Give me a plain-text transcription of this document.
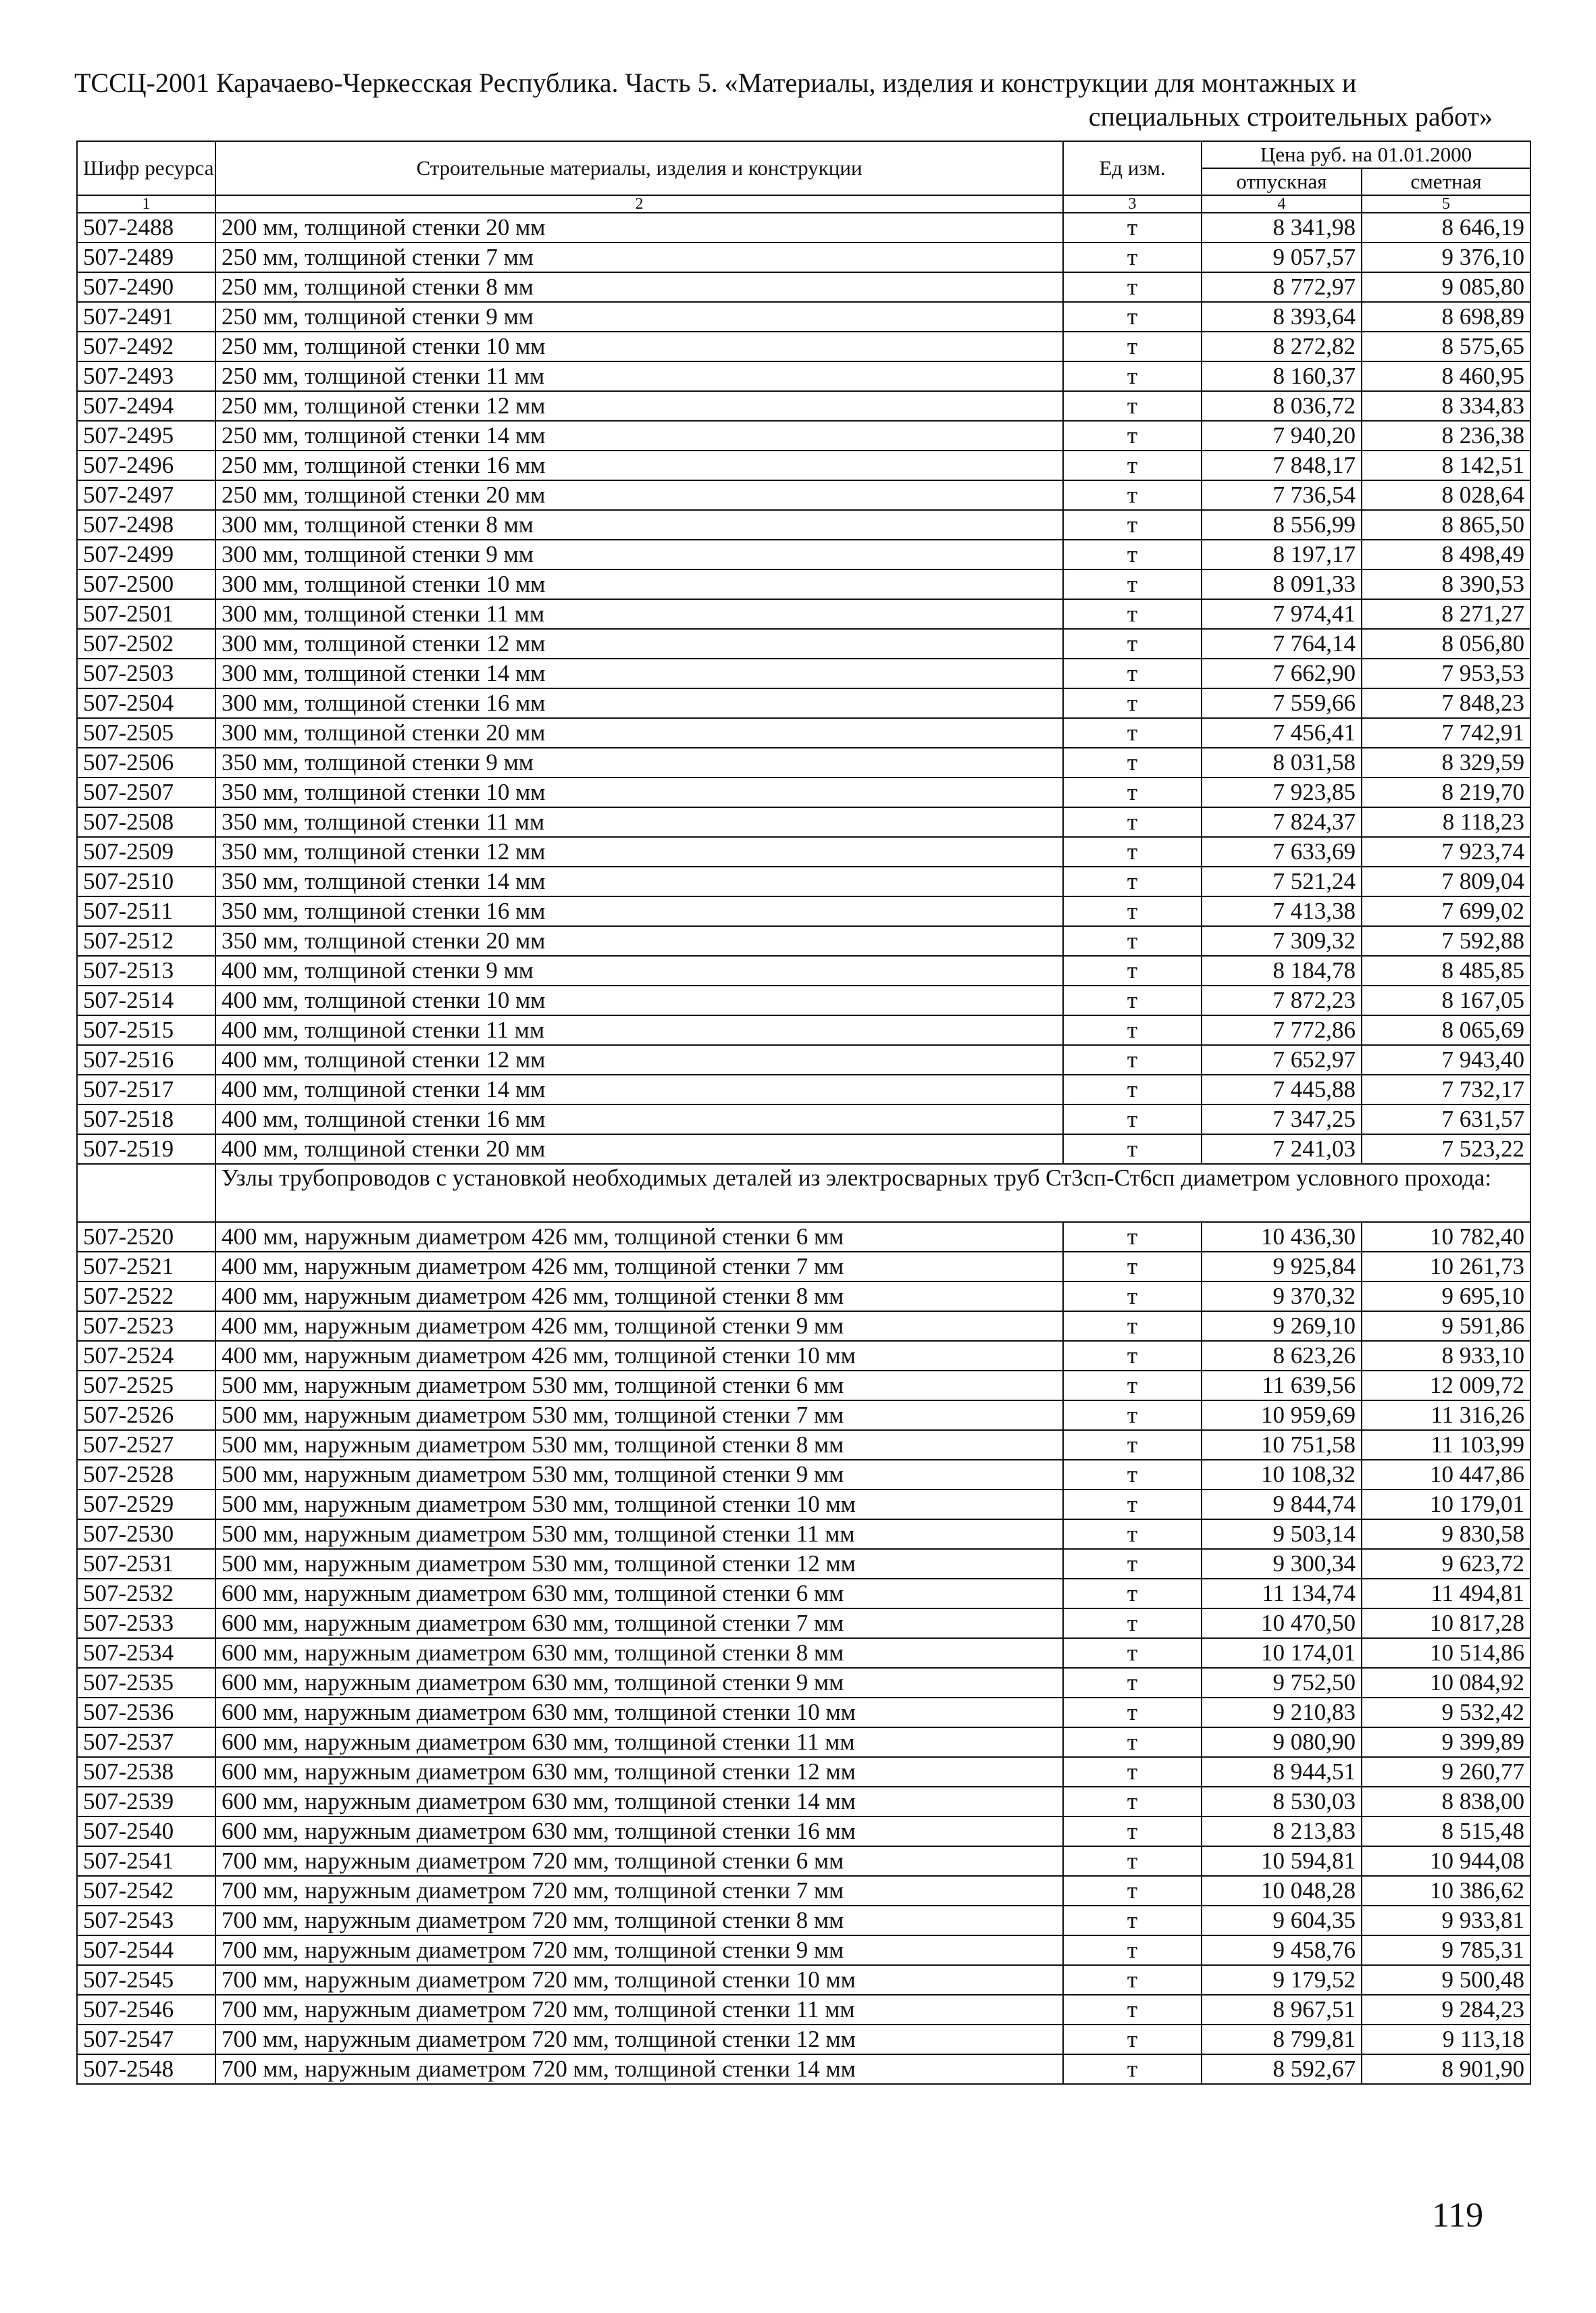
ТССЦ-2001 Карачаево-Черкесская Республика. Часть 5. «Материалы, изделия и конструкции для монтажных и
специальных строительных работ»
Шифр ресурса	Строительные материалы, изделия и конструкции	Ед изм.	Цена руб. на 01.01.2000	
			отпускная	сметная
1	2	3	4	5
507-2488	200 мм, толщиной стенки 20 мм	т	8 341,98	8 646,19
507-2489	250 мм, толщиной стенки 7 мм	т	9 057,57	9 376,10
507-2490	250 мм, толщиной стенки 8 мм	т	8 772,97	9 085,80
507-2491	250 мм, толщиной стенки 9 мм	т	8 393,64	8 698,89
507-2492	250 мм, толщиной стенки 10 мм	т	8 272,82	8 575,65
507-2493	250 мм, толщиной стенки 11 мм	т	8 160,37	8 460,95
507-2494	250 мм, толщиной стенки 12 мм	т	8 036,72	8 334,83
507-2495	250 мм, толщиной стенки 14 мм	т	7 940,20	8 236,38
507-2496	250 мм, толщиной стенки 16 мм	т	7 848,17	8 142,51
507-2497	250 мм, толщиной стенки 20 мм	т	7 736,54	8 028,64
507-2498	300 мм, толщиной стенки 8 мм	т	8 556,99	8 865,50
507-2499	300 мм, толщиной стенки 9 мм	т	8 197,17	8 498,49
507-2500	300 мм, толщиной стенки 10 мм	т	8 091,33	8 390,53
507-2501	300 мм, толщиной стенки 11 мм	т	7 974,41	8 271,27
507-2502	300 мм, толщиной стенки 12 мм	т	7 764,14	8 056,80
507-2503	300 мм, толщиной стенки 14 мм	т	7 662,90	7 953,53
507-2504	300 мм, толщиной стенки 16 мм	т	7 559,66	7 848,23
507-2505	300 мм, толщиной стенки 20 мм	т	7 456,41	7 742,91
507-2506	350 мм, толщиной стенки 9 мм	т	8 031,58	8 329,59
507-2507	350 мм, толщиной стенки 10 мм	т	7 923,85	8 219,70
507-2508	350 мм, толщиной стенки 11 мм	т	7 824,37	8 118,23
507-2509	350 мм, толщиной стенки 12 мм	т	7 633,69	7 923,74
507-2510	350 мм, толщиной стенки 14 мм	т	7 521,24	7 809,04
507-2511	350 мм, толщиной стенки 16 мм	т	7 413,38	7 699,02
507-2512	350 мм, толщиной стенки 20 мм	т	7 309,32	7 592,88
507-2513	400 мм, толщиной стенки 9 мм	т	8 184,78	8 485,85
507-2514	400 мм, толщиной стенки 10 мм	т	7 872,23	8 167,05
507-2515	400 мм, толщиной стенки 11 мм	т	7 772,86	8 065,69
507-2516	400 мм, толщиной стенки 12 мм	т	7 652,97	7 943,40
507-2517	400 мм, толщиной стенки 14 мм	т	7 445,88	7 732,17
507-2518	400 мм, толщиной стенки 16 мм	т	7 347,25	7 631,57
507-2519	400 мм, толщиной стенки 20 мм	т	7 241,03	7 523,22
	Узлы трубопроводов с установкой необходимых деталей из электросварных труб Ст3сп-Ст6сп диаметром условного прохода:			
507-2520	400 мм, наружным диаметром 426 мм, толщиной стенки 6 мм	т	10 436,30	10 782,40
507-2521	400 мм, наружным диаметром 426 мм, толщиной стенки 7 мм	т	9 925,84	10 261,73
507-2522	400 мм, наружным диаметром 426 мм, толщиной стенки 8 мм	т	9 370,32	9 695,10
507-2523	400 мм, наружным диаметром 426 мм, толщиной стенки 9 мм	т	9 269,10	9 591,86
507-2524	400 мм, наружным диаметром 426 мм, толщиной стенки 10 мм	т	8 623,26	8 933,10
507-2525	500 мм, наружным диаметром 530 мм, толщиной стенки 6 мм	т	11 639,56	12 009,72
507-2526	500 мм, наружным диаметром 530 мм, толщиной стенки 7 мм	т	10 959,69	11 316,26
507-2527	500 мм, наружным диаметром 530 мм, толщиной стенки 8 мм	т	10 751,58	11 103,99
507-2528	500 мм, наружным диаметром 530 мм, толщиной стенки 9 мм	т	10 108,32	10 447,86
507-2529	500 мм, наружным диаметром 530 мм, толщиной стенки 10 мм	т	9 844,74	10 179,01
507-2530	500 мм, наружным диаметром 530 мм, толщиной стенки 11 мм	т	9 503,14	9 830,58
507-2531	500 мм, наружным диаметром 530 мм, толщиной стенки 12 мм	т	9 300,34	9 623,72
507-2532	600 мм, наружным диаметром 630 мм, толщиной стенки 6 мм	т	11 134,74	11 494,81
507-2533	600 мм, наружным диаметром 630 мм, толщиной стенки 7 мм	т	10 470,50	10 817,28
507-2534	600 мм, наружным диаметром 630 мм, толщиной стенки 8 мм	т	10 174,01	10 514,86
507-2535	600 мм, наружным диаметром 630 мм, толщиной стенки 9 мм	т	9 752,50	10 084,92
507-2536	600 мм, наружным диаметром 630 мм, толщиной стенки 10 мм	т	9 210,83	9 532,42
507-2537	600 мм, наружным диаметром 630 мм, толщиной стенки 11 мм	т	9 080,90	9 399,89
507-2538	600 мм, наружным диаметром 630 мм, толщиной стенки 12 мм	т	8 944,51	9 260,77
507-2539	600 мм, наружным диаметром 630 мм, толщиной стенки 14 мм	т	8 530,03	8 838,00
507-2540	600 мм, наружным диаметром 630 мм, толщиной стенки 16 мм	т	8 213,83	8 515,48
507-2541	700 мм, наружным диаметром 720 мм, толщиной стенки 6 мм	т	10 594,81	10 944,08
507-2542	700 мм, наружным диаметром 720 мм, толщиной стенки 7 мм	т	10 048,28	10 386,62
507-2543	700 мм, наружным диаметром 720 мм, толщиной стенки 8 мм	т	9 604,35	9 933,81
507-2544	700 мм, наружным диаметром 720 мм, толщиной стенки 9 мм	т	9 458,76	9 785,31
507-2545	700 мм, наружным диаметром 720 мм, толщиной стенки 10 мм	т	9 179,52	9 500,48
507-2546	700 мм, наружным диаметром 720 мм, толщиной стенки 11 мм	т	8 967,51	9 284,23
507-2547	700 мм, наружным диаметром 720 мм, толщиной стенки 12 мм	т	8 799,81	9 113,18
507-2548	700 мм, наружным диаметром 720 мм, толщиной стенки 14 мм	т	8 592,67	8 901,90
119
